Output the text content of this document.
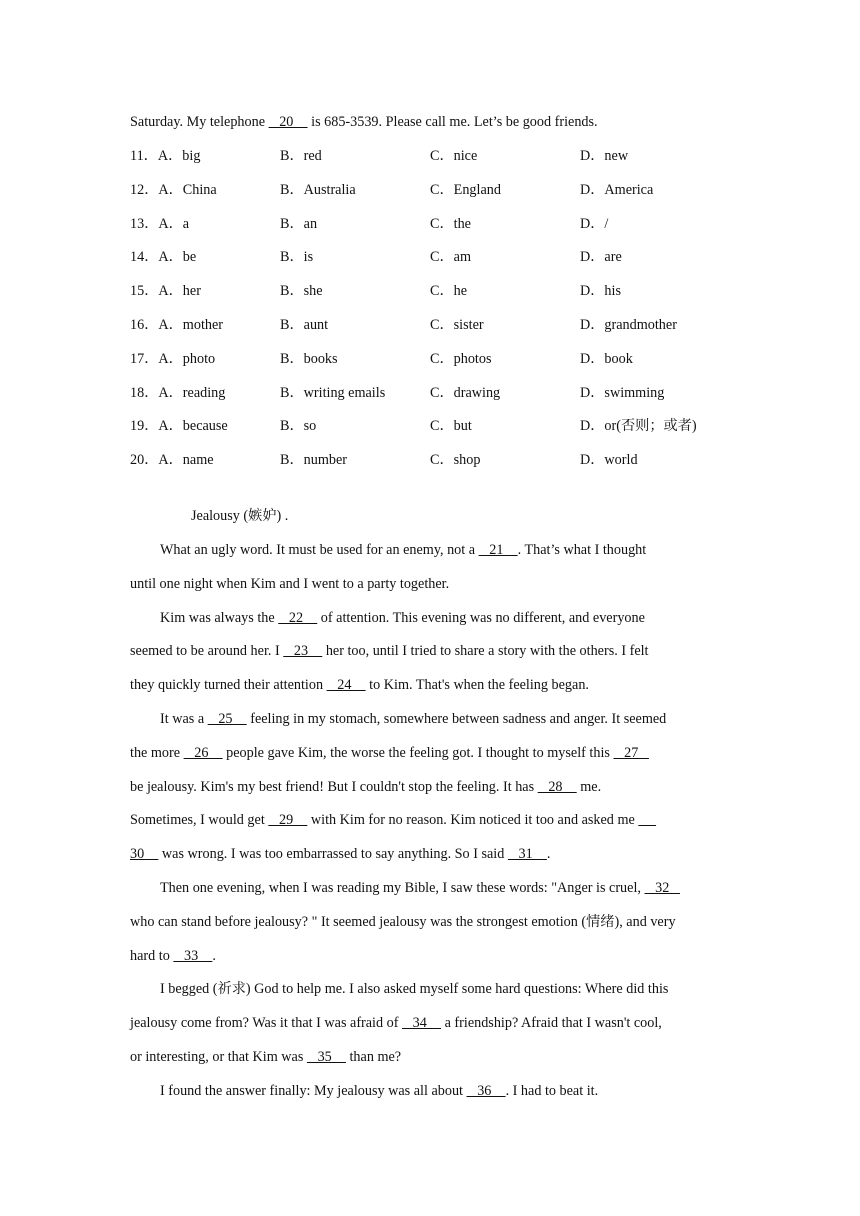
Saturday. My telephone    20     is 685-3539. Please call me. Let’s be good friends.
11．A．big	B．red	C．nice	D．new
12．A．China	B．Australia	C．England	D．America
13．A．a	B．an	C．the	D．/
14．A．be	B．is	C．am	D．are
15．A．her	B．she	C．he	D．his
16．A．mother	B．aunt	C．sister	D．grandmother
17．A．photo	B．books	C．photos	D．book
18．A．reading	B．writing emails	C．drawing	D．swimming
19．A．because	B．so	C．but	D．or(否则；或者)
20．A．name	B．number	C．shop	D．world
Jealousy (嫉妒) .
What an ugly word. It must be used for an enemy, not a    21    . That’s what I thought
until one night when Kim and I went to a party together.
Kim was always the    22     of attention. This evening was no different, and everyone
seemed to be around her. I    23     her too, until I tried to share a story with the others. I felt
they quickly turned their attention    24     to Kim. That's when the feeling began.
It was a    25     feeling in my stomach, somewhere between sadness and anger. It seemed
the more    26     people gave Kim, the worse the feeling got. I thought to myself this    27
be jealousy. Kim's my best friend! But I couldn't stop the feeling. It has    28     me.
Sometimes, I would get    29     with Kim for no reason. Kim noticed it too and asked me
30     was wrong. I was too embarrassed to say anything. So I said    31    .
Then one evening, when I was reading my Bible, I saw these words: "Anger is cruel,    32
who can stand before jealousy? " It seemed jealousy was the strongest emotion (情绪), and very
hard to    33    .
I begged (祈求) God to help me. I also asked myself some hard questions: Where did this
jealousy come from? Was it that I was afraid of    34     a friendship? Afraid that I wasn't cool,
or interesting, or that Kim was    35     than me?
I found the answer finally: My jealousy was all about    36    . I had to beat it.
